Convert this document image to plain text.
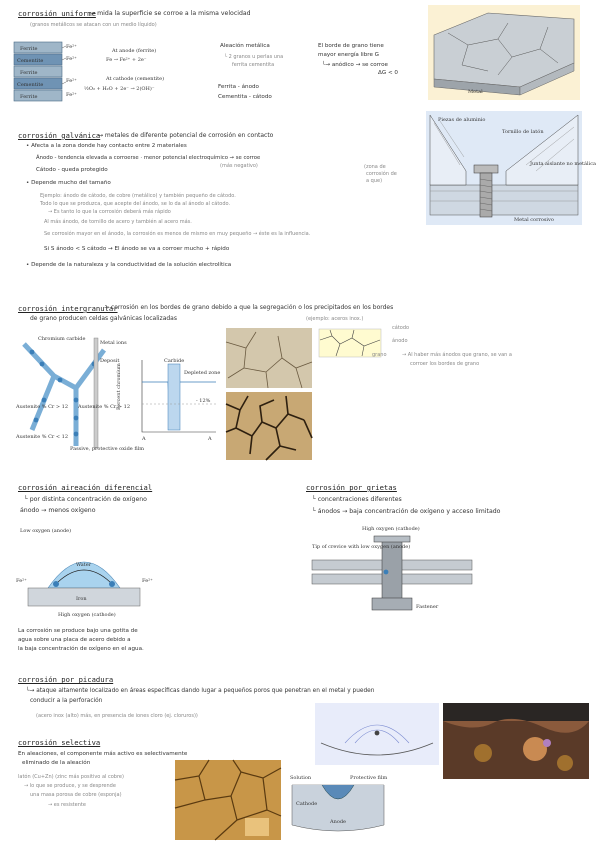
corrosión uniforme
→ mida la superficie se corroe a la misma velocidad
(granos metálicos se atacan con un medio líquido)
Ferrite
Cementite
Ferrite
Cementite
Ferrite
Fe²⁺
Fe²⁺
Fe²⁺
Fe²⁺
At anode (ferrite)
Fe → Fe²⁺ + 2e⁻
At cathode (cementite)
½O₂ + H₂O + 2e⁻ → 2(OH)⁻
Aleación metálica
└ 2 granos u perlas una
ferrita cementita
Ferrita - ánodo
Cementita - cátodo
El borde de grano tiene
mayor energía libre G
└→ anódico → se corroe
ΔG < 0
Metal
corrosión galvánica
→ metales de diferente potencial de corrosión en contacto
• Afecta a la zona donde hay contacto entre 2 materiales
Ánodo - tendencia elevada a corroerse · menor potencial electroquímico → se corroe
(más negativo)	(zona de
corrosión de
a que)
Cátodo - queda protegido
• Depende mucho del tamaño
Ejemplo: ánodo de cátodo, de cobre (metálico) y también pequeño de cátodo.
Todo lo que se produzca, que acepte del ánodo, se lo da al ánodo al cátodo.
→ Es tanto lo que la corrosión deberá más rápido
Al más ánodo, de tornillo de acero y también al acero más.
Se corrosión mayor en el ánodo, la corrosión es menos de mismo en muy pequeño → éste es la influencia.
Si S ánodo < S cátodo → El ánodo se va a corroer mucho + rápido
• Depende de la naturaleza y la conductividad de la solución electrolítica
Piezas de aluminio
Tornillo de latón
Junta aislante no metálica
Metal corrosivo
corrosión intergranular
→ corrosión en los bordes de grano debido a que la segregación o los precipitados en los bordes
de grano producen celdas galvánicas localizadas	(ejemplo: aceros inox.)
Chromium carbide
Metal ions
Deposit
Austenite % Cr > 12 Austenite % Cr > 12
Austenite % Cr < 12
Passive, protective oxide film
Carbide
Depleted zone
- 12%
Percent chromium
A	A
cátodo
ánodo
grano	→ Al haber más ánodos que grano, se van a
corroer los bordes de grano
corrosión aireación diferencial
└ por distinta concentración de oxígeno
ánodo → menos oxígeno
Low oxygen (anode)
Water
Iron
High oxygen (cathode)
Fe²⁺	Fe²⁺
La corrosión se produce bajo una gotita de
agua sobre una placa de acero debido a
la baja concentración de oxígeno en el agua.
corrosión por grietas
└ concentraciones diferentes
└ ánodos → baja concentración de oxígeno y acceso limitado
High oxygen (cathode)
Tip of crevice with low oxygen (anode)
Fastener
corrosión por picadura
└→ ataque altamente localizado en áreas específicas dando lugar a pequeños poros que penetran en el metal y pueden
conducir a la perforación
(acero inox (alto) más, en presencia de iones cloro (ej. cloruros))
Solution	Protective film
Cathode
Anode
corrosión selectiva
En aleaciones, el componente más activo es selectivamente
eliminado de la aleación
latón (Cu+Zn) (zinc más positivo al cobre)
→ lo que se produce, y se desprende
una masa porosa de cobre (esponja)
→ es resistente
